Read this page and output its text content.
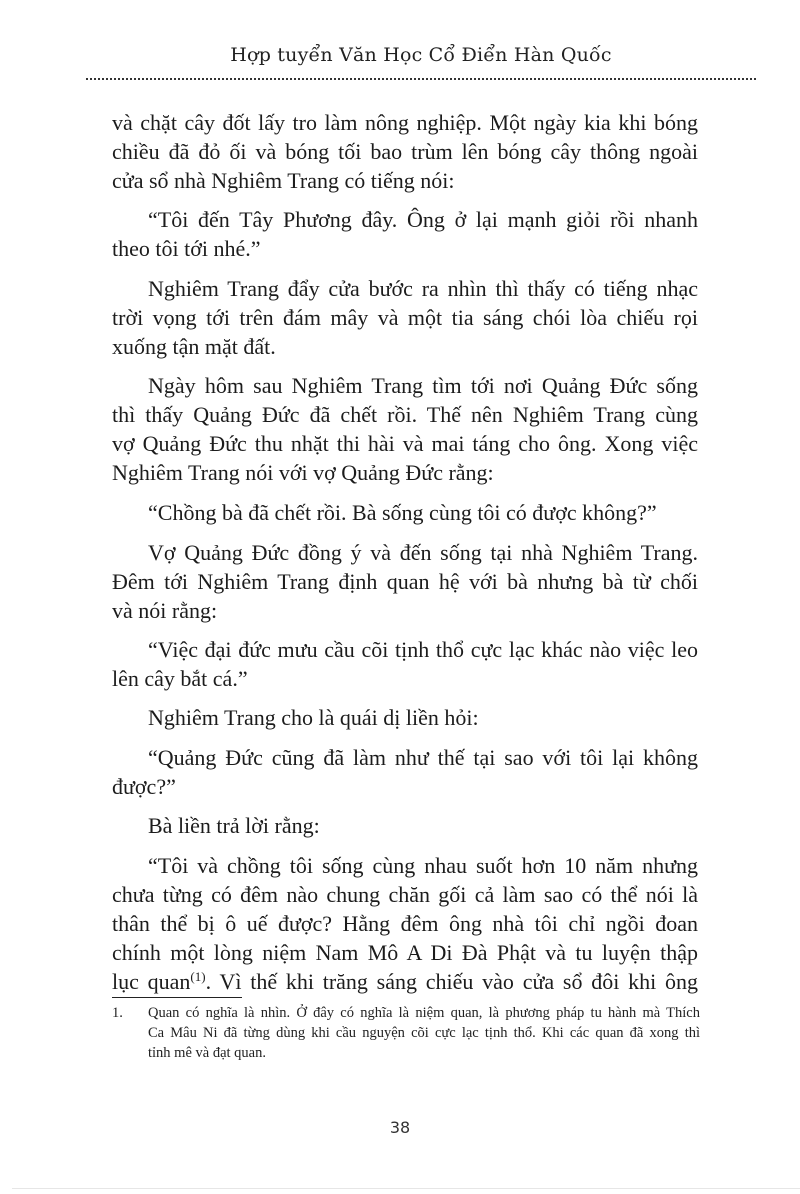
Hợp tuyển Văn Học Cổ Điển Hàn Quốc
và chặt cây đốt lấy tro làm nông nghiệp. Một ngày kia khi bóng
chiều đã đỏ ối và bóng tối bao trùm lên bóng cây thông ngoài
cửa sổ nhà Nghiêm Trang có tiếng nói:
“Tôi đến Tây Phương đây. Ông ở lại mạnh giỏi rồi nhanh
theo tôi tới nhé.”
Nghiêm Trang đẩy cửa bước ra nhìn thì thấy có tiếng nhạc
trời vọng tới trên đám mây và một tia sáng chói lòa chiếu rọi
xuống tận mặt đất.
Ngày hôm sau Nghiêm Trang tìm tới nơi Quảng Đức sống
thì thấy Quảng Đức đã chết rồi. Thế nên Nghiêm Trang cùng
vợ Quảng Đức thu nhặt thi hài và mai táng cho ông. Xong việc
Nghiêm Trang nói với vợ Quảng Đức rằng:
“Chồng bà đã chết rồi. Bà sống cùng tôi có được không?”
Vợ Quảng Đức đồng ý và đến sống tại nhà Nghiêm Trang.
Đêm tới Nghiêm Trang định quan hệ với bà nhưng bà từ chối
và nói rằng:
“Việc đại đức mưu cầu cõi tịnh thổ cực lạc khác nào việc leo
lên cây bắt cá.”
Nghiêm Trang cho là quái dị liền hỏi:
“Quảng Đức cũng đã làm như thế tại sao với tôi lại không
được?”
Bà liền trả lời rằng:
“Tôi và chồng tôi sống cùng nhau suốt hơn 10 năm nhưng
chưa từng có đêm nào chung chăn gối cả làm sao có thể nói là
thân thể bị ô uế được? Hằng đêm ông nhà tôi chỉ ngồi đoan
chính một lòng niệm Nam Mô A Di Đà Phật và tu luyện thập
lục quan$^{(1)}$. Vì thế khi trăng sáng chiếu vào cửa sổ đôi khi ông
1. Quan có nghĩa là nhìn. Ở đây có nghĩa là niệm quan, là phương pháp tu hành mà Thích
Ca Mâu Ni đã từng dùng khi cầu nguyện cõi cực lạc tịnh thổ. Khi các quan đã xong thì
tỉnh mê và đạt quan.
38
